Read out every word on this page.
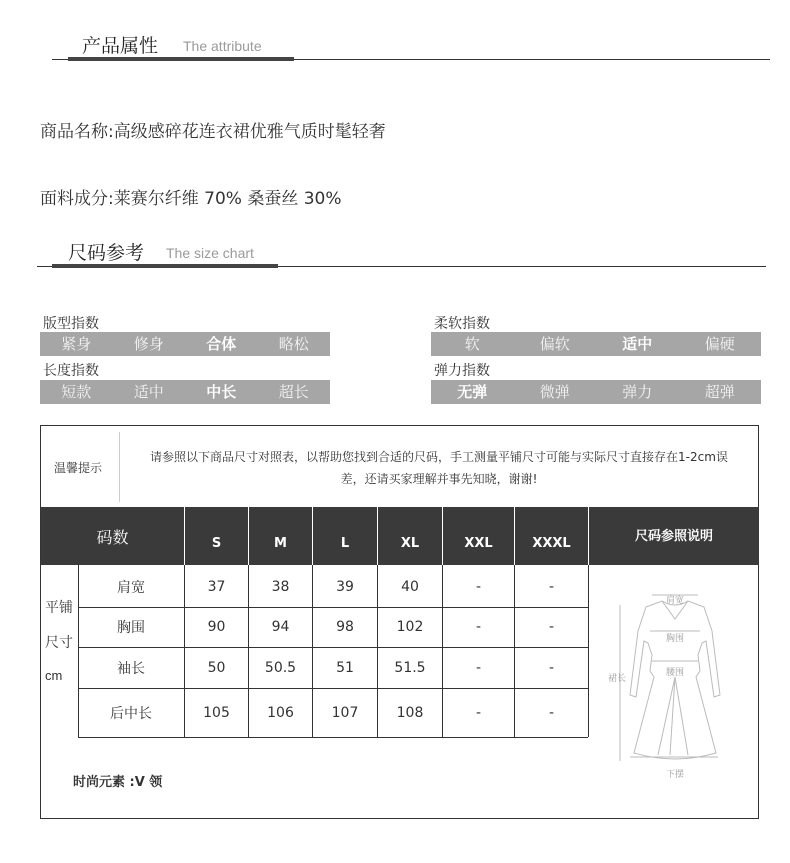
产品属性 The attribute
商品名称:高级感碎花连衣裙优雅气质时髦轻奢
面料成分:莱赛尔纤维 70% 桑蚕丝 30%
尺码参考 The size chart
版型指数
紧身	修身	合体	略松
长度指数
短款	适中	中长	超长
柔软指数
软	偏软	适中	偏硬
弹力指数
无弹	微弹	弹力	超弹
温馨提示
请参照以下商品尺寸对照表，以帮助您找到合适的尺码，手工测量平铺尺寸可能与实际尺寸直接存在1-2cm误
差，还请买家理解并事先知晓，谢谢!
码数	S	M	L	XL	XXL	XXXL	尺码参照说明
肩宽	37	38	39	40	-	-
胸围	90	94	98	102	-	-
袖长	50	50.5	51	51.5	-	-
后中长	105	106	107	108	-	-
平铺
尺寸
cm
时尚元素 :V 领
肩宽
胸围
腰围
裙长
下摆
